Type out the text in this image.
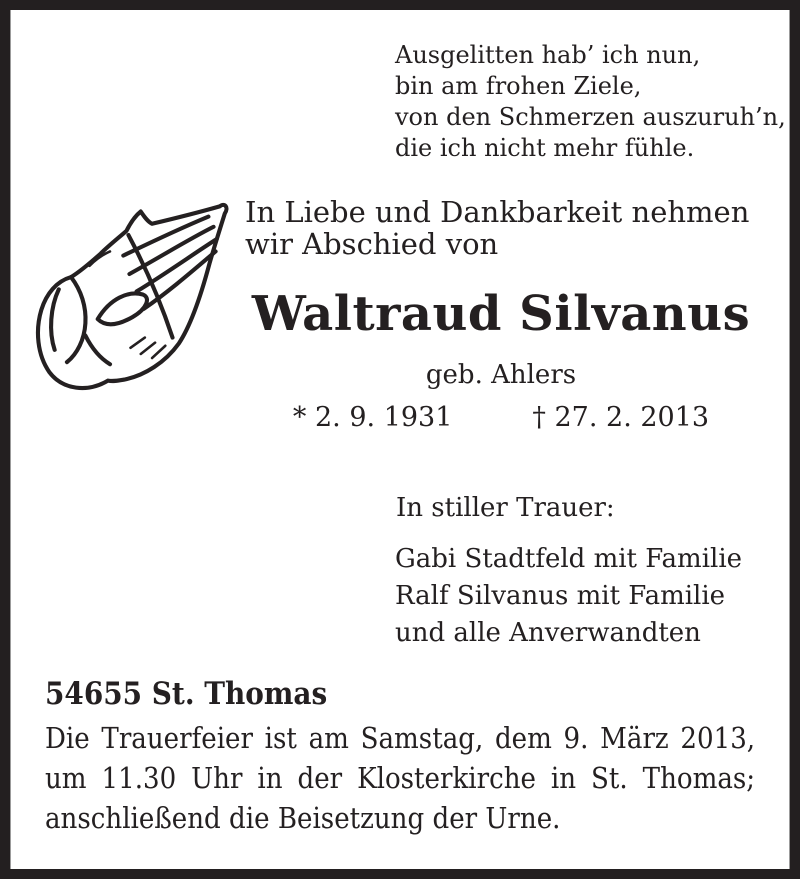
Ausgelitten hab’ ich nun,
bin am frohen Ziele,
von den Schmerzen auszuruh’n,
die ich nicht mehr fühle.
In Liebe und Dankbarkeit nehmen wir Abschied von
Waltraud Silvanus
geb. Ahlers
* 2. 9. 1931	† 27. 2. 2013
In stiller Trauer:
Gabi Stadtfeld mit Familie
Ralf Silvanus mit Familie
und alle Anverwandten
54655 St. Thomas
Die Trauerfeier ist am Samstag, dem 9. März 2013,
um 11.30 Uhr in der Klosterkirche in St. Thomas;
anschließend die Beisetzung der Urne.
